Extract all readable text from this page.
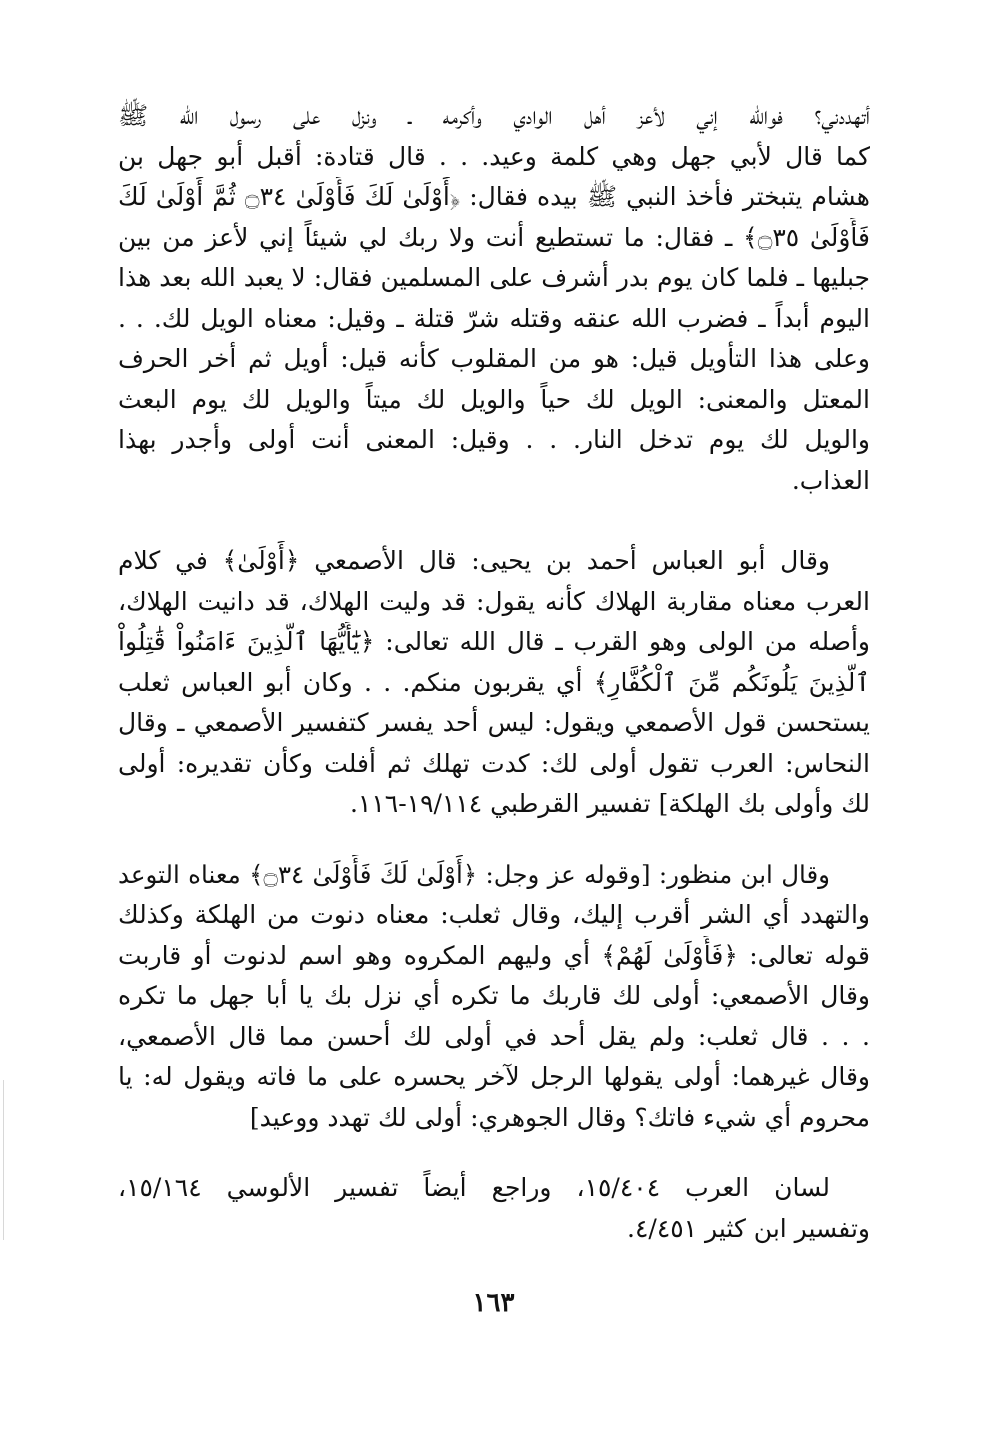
أتهددني؟ فوالله إني لأعز أهل الوادي وأكرمه ـ ونزل على رسول الله ﷺ
كما قال لأبي جهل وهي كلمة وعيد. . . قال قتادة: أقبل أبو جهل بن
هشام يتبختر فأخذ النبي ﷺ بيده فقال: ﴿أَوْلَىٰ لَكَ فَأَوْلَىٰ ۝٣٤ ثُمَّ أَوْلَىٰ لَكَ
فَأَوْلَىٰ ۝٣٥﴾ ـ فقال: ما تستطيع أنت ولا ربك لي شيئاً إني لأعز من بين
جبليها ـ فلما كان يوم بدر أشرف على المسلمين فقال: لا يعبد الله بعد هذا
اليوم أبداً ـ فضرب الله عنقه وقتله شرّ قتلة ـ وقيل: معناه الويل لك. . .
وعلى هذا التأويل قيل: هو من المقلوب كأنه قيل: أويل ثم أخر الحرف
المعتل والمعنى: الويل لك حياً والويل لك ميتاً والويل لك يوم البعث
والويل لك يوم تدخل النار. . . وقيل: المعنى أنت أولى وأجدر بهذا
العذاب.
وقال أبو العباس أحمد بن يحيى: قال الأصمعي ﴿أَوْلَىٰ﴾ في كلام
العرب معناه مقاربة الهلاك كأنه يقول: قد وليت الهلاك، قد دانيت الهلاك،
وأصله من الولى وهو القرب ـ قال الله تعالى: ﴿يَٰٓأَيُّهَا ٱلَّذِينَ ءَامَنُواْ قَٰتِلُواْ
ٱلَّذِينَ يَلُونَكُم مِّنَ ٱلْكُفَّارِ﴾ أي يقربون منكم. . . وكان أبو العباس ثعلب
يستحسن قول الأصمعي ويقول: ليس أحد يفسر كتفسير الأصمعي ـ وقال
النحاس: العرب تقول أولى لك: كدت تهلك ثم أفلت وكأن تقديره: أولى
لك وأولى بك الهلكة] تفسير القرطبي ١٩/١١٤-١١٦.
وقال ابن منظور: [وقوله عز وجل: ﴿أَوْلَىٰ لَكَ فَأَوْلَىٰ ۝٣٤﴾ معناه التوعد
والتهدد أي الشر أقرب إليك، وقال ثعلب: معناه دنوت من الهلكة وكذلك
قوله تعالى: ﴿فَأَوْلَىٰ لَهُمْ﴾ أي وليهم المكروه وهو اسم لدنوت أو قاربت
وقال الأصمعي: أولى لك قاربك ما تكره أي نزل بك يا أبا جهل ما تكره
. . . قال ثعلب: ولم يقل أحد في أولى لك أحسن مما قال الأصمعي،
وقال غيرهما: أولى يقولها الرجل لآخر يحسره على ما فاته ويقول له: يا
محروم أي شيء فاتك؟ وقال الجوهري: أولى لك تهدد ووعيد]
لسان العرب ١٥/٤٠٤، وراجع أيضاً تفسير الألوسي ١٥/١٦٤،
وتفسير ابن كثير ٤/٤٥١.
١٦٣
